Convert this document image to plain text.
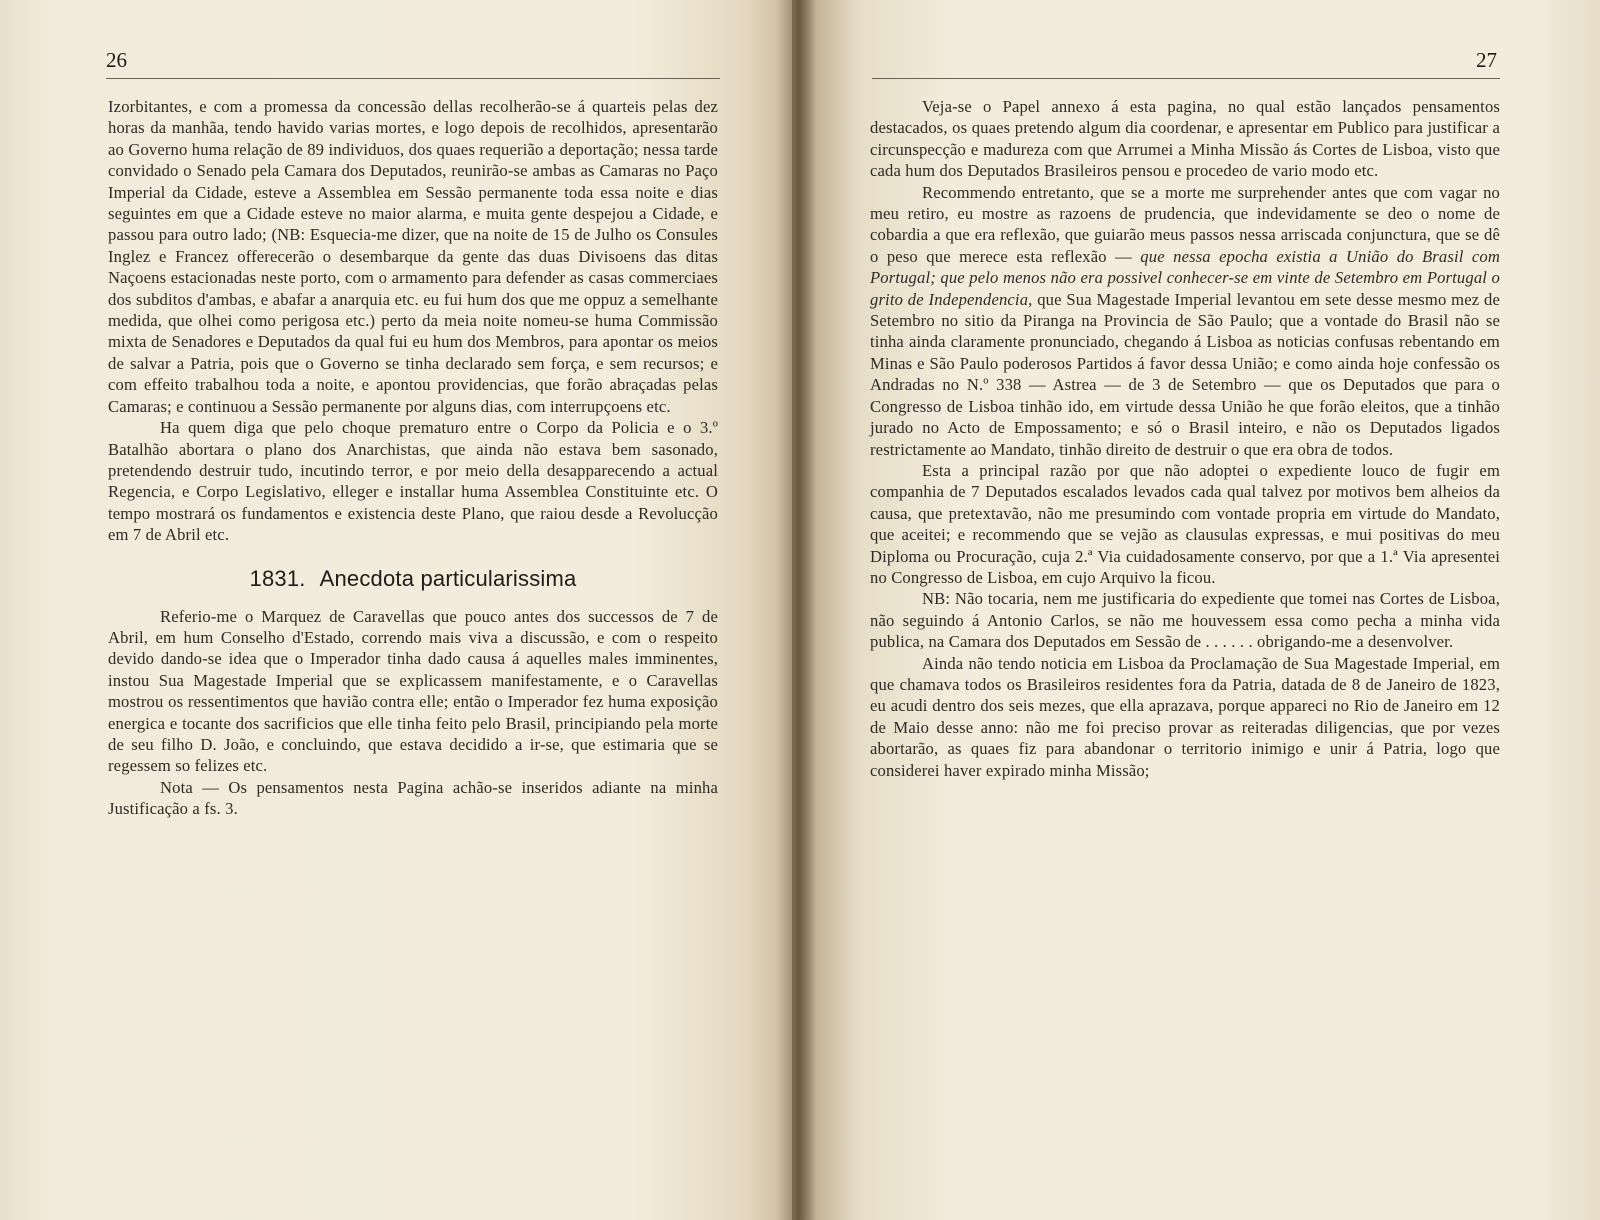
26

Izorbitantes, e com a promessa da concessão dellas recolherão-se á quarteis pelas dez horas da manhãa, tendo havido varias mortes, e logo depois de recolhidos, apresentarão ao Governo huma relação de 89 individuos, dos quaes requerião a deportação; nessa tarde convidado o Senado pela Camara dos Deputados, reunirão-se ambas as Camaras no Paço Imperial da Cidade, esteve a Assemblea em Sessão permanente toda essa noite e dias seguintes em que a Cidade esteve no maior alarma, e muita gente despejou a Cidade, e passou para outro lado; (NB: Esquecia-me dizer, que na noite de 15 de Julho os Consules Inglez e Francez offerecerão o desembarque da gente das duas Divisoens das ditas Naçoens estacionadas neste porto, com o armamento para defender as casas commerciaes dos subditos d'ambas, e abafar a anarquia etc. eu fui hum dos que me oppuz a semelhante medida, que olhei como perigosa etc.) perto da meia noite nomeu-se huma Commissão mixta de Senadores e Deputados da qual fui eu hum dos Membros, para apontar os meios de salvar a Patria, pois que o Governo se tinha declarado sem força, e sem recursos; e com effeito trabalhou toda a noite, e apontou providencias, que forão abraçadas pelas Camaras; e continuou a Sessão permanente por alguns dias, com interrupçoens etc.

Ha quem diga que pelo choque prematuro entre o Corpo da Policia e o 3.º Batalhão abortara o plano dos Anarchistas, que ainda não estava bem sasonado, pretendendo destruir tudo, incutindo terror, e por meio della desapparecendo a actual Regencia, e Corpo Legislativo, elleger e installar huma Assemblea Constituinte etc. O tempo mostrará os fundamentos e existencia deste Plano, que raiou desde a Revolucção em 7 de Abril etc.

1831. Anecdota particularissima

Referio-me o Marquez de Caravellas que pouco antes dos successos de 7 de Abril, em hum Conselho d'Estado, correndo mais viva a discussão, e com o respeito devido dando-se idea que o Imperador tinha dado causa á aquelles males imminentes, instou Sua Magestade Imperial que se explicassem manifestamente, e o Caravellas mostrou os ressentimentos que havião contra elle; então o Imperador fez huma exposição energica e tocante dos sacrificios que elle tinha feito pelo Brasil, principiando pela morte de seu filho D. João, e concluindo, que estava decidido a ir-se, que estimaria que se regessem so felizes etc.

Nota — Os pensamentos nesta Pagina achão-se inseridos adiante na minha Justificação a fs. 3.

27

Veja-se o Papel annexo á esta pagina, no qual estão lançados pensamentos destacados, os quaes pretendo algum dia coordenar, e apresentar em Publico para justificar a circunspecção e madureza com que Arrumei a Minha Missão ás Cortes de Lisboa, visto que cada hum dos Deputados Brasileiros pensou e procedeo de vario modo etc.

Recommendo entretanto, que se a morte me surprehender antes que com vagar no meu retiro, eu mostre as razoens de prudencia, que indevidamente se deo o nome de cobardia a que era reflexão, que guiarão meus passos nessa arriscada conjunctura, que se dê o peso que merece esta reflexão — que nessa epocha existia a União do Brasil com Portugal; que pelo menos não era possivel conhecer-se em vinte de Setembro em Portugal o grito de Independencia, que Sua Magestade Imperial levantou em sete desse mesmo mez de Setembro no sitio da Piranga na Provincia de São Paulo; que a vontade do Brasil não se tinha ainda claramente pronunciado, chegando á Lisboa as noticias confusas rebentando em Minas e São Paulo poderosos Partidos á favor dessa União; e como ainda hoje confessão os Andradas no N.º 338 — Astrea — de 3 de Setembro — que os Deputados que para o Congresso de Lisboa tinhão ido, em virtude dessa União he que forão eleitos, que a tinhão jurado no Acto de Empossamento; e só o Brasil inteiro, e não os Deputados ligados restrictamente ao Mandato, tinhão direito de destruir o que era obra de todos.

Esta a principal razão por que não adoptei o expediente louco de fugir em companhia de 7 Deputados escalados levados cada qual talvez por motivos bem alheios da causa, que pretextavão, não me presumindo com vontade propria em virtude do Mandato, que aceitei; e recommendo que se vejão as clausulas expressas, e mui positivas do meu Diploma ou Procuração, cuja 2.ª Via cuidadosamente conservo, por que a 1.ª Via apresentei no Congresso de Lisboa, em cujo Arquivo la ficou.

NB: Não tocaria, nem me justificaria do expediente que tomei nas Cortes de Lisboa, não seguindo á Antonio Carlos, se não me houvessem essa como pecha a minha vida publica, na Camara dos Deputados em Sessão de . . . . . . obrigando-me a desenvolver.

Ainda não tendo noticia em Lisboa da Proclamação de Sua Magestade Imperial, em que chamava todos os Brasileiros residentes fora da Patria, datada de 8 de Janeiro de 1823, eu acudi dentro dos seis mezes, que ella aprazava, porque appareci no Rio de Janeiro em 12 de Maio desse anno: não me foi preciso provar as reiteradas diligencias, que por vezes abortarão, as quaes fiz para abandonar o territorio inimigo e unir á Patria, logo que considerei haver expirado minha Missão;
